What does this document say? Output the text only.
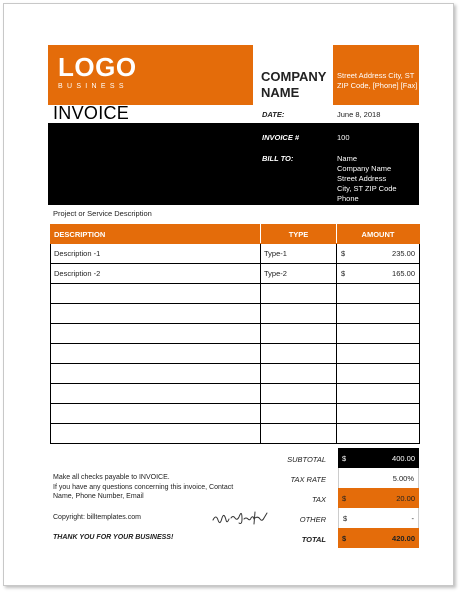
LOGO
BUSINESS
COMPANY NAME
Street Address City, ST ZIP Code, [Phone] [Fax]
INVOICE	DATE:	June 8, 2018
INVOICE #	100
BILL TO:	Name
Company Name
Street Address
City, ST ZIP Code
Phone
Project or Service Description
DESCRIPTION	TYPE	AMOUNT
Description -1	Type-1	$ 235.00

Description -2	Type-2	$ 165.00

Make all checks payable to INVOICE.
If you have any questions concerning this invoice, Contact Name, Phone Number, Email
Copyright: billtemplates.com
THANK YOU FOR YOUR BUSINESS!
SUBTOTAL $	400.00
TAX RATE	5.00%
TAX $	20.00
OTHER $	-
TOTAL $	420.00
